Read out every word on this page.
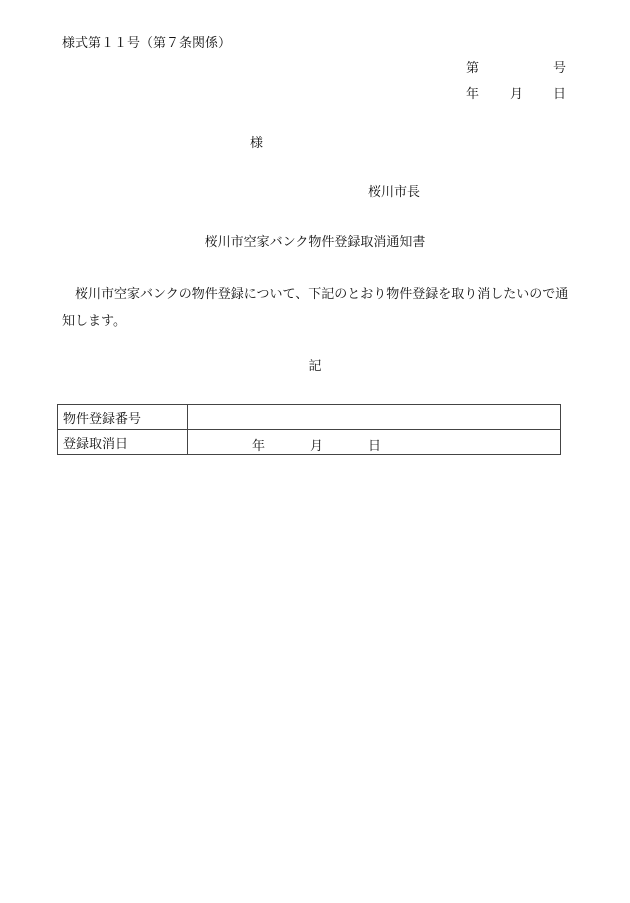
様式第１１号（第７条関係）
第	号
年 月 日
様
桜川市長
桜川市空家バンク物件登録取消通知書
桜川市空家バンクの物件登録について、下記のとおり物件登録を取り消したいので通知します。
記
物件登録番号	
登録取消日	年 月 日
